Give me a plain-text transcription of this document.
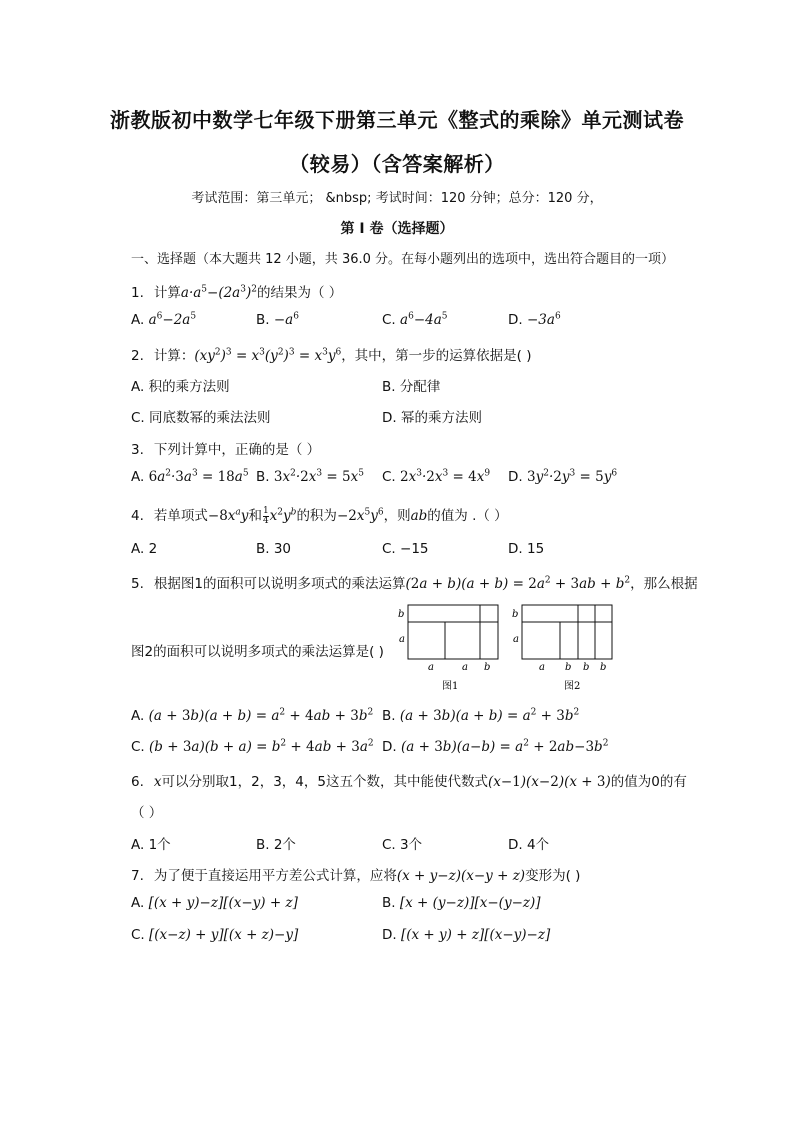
浙教版初中数学七年级下册第三单元《整式的乘除》单元测试卷
（较易）（含答案解析）
考试范围：第三单元； &nbsp; 考试时间：120 分钟；总分：120 分，
第 I 卷（选择题）
一、选择题（本大题共 12 小题，共 36.0 分。在每小题列出的选项中，选出符合题目的一项）
1. 计算$a\cdot a^5-(2a^3)^2$的结果为（ ）
A. $a^6-2a^5$	B. $-a^6$	C. $a^6-4a^5$	D. $-3a^6$
2. 计算：$(xy^2)^3 = x^3(y^2)^3 = x^3y^6$，其中，第一步的运算依据是( )
A. 积的乘方法则	B. 分配律
C. 同底数幂的乘法法则	D. 幂的乘方法则
3. 下列计算中，正确的是（ ）
A. $6a^2\cdot 3a^3 = 18a^5$ B. $3x^2\cdot 2x^3 = 5x^5$ C. $2x^3\cdot 2x^3 = 4x^9$ D. $3y^2\cdot 2y^3 = 5y^6$
4. 若单项式$-8x^ay$和 $\frac{1}{4} x^2y^b$的积为$-2x^5y^6$，则ab的值为 .（ ）
A. 2	B. 30	C. −15	D. 15
5. 根据图1的面积可以说明多项式的乘法运算$(2a + b)(a + b) = 2a^2 + 3ab + b^2$，那么根据
图2的面积可以说明多项式的乘法运算是( )
b
a
a	a b
图1
b
a
a b b b
图2
A. $(a + 3b)(a + b) = a^2 + 4ab + 3b^2$ B. $(a + 3b)(a + b) = a^2 + 3b^2$
C. $(b + 3a)(b + a) = b^2 + 4ab + 3a^2$ D. $(a + 3b)(a-b) = a^2 + 2ab-3b^2$
6. x可以分别取1，2，3，4，5这五个数，其中能使代数式(x−1)(x−2)(x + 3)的值为0的有
（ ）
A. 1个	B. 2个	C. 3个	D. 4个
7. 为了便于直接运用平方差公式计算，应将(x + y−z)(x−y + z)变形为( )
A. [(x + y)−z][(x−y) + z]	B. [x + (y−z)][x−(y−z)]
C. [(x−z) + y][(x + z)−y]	D. [(x + y) + z][(x−y)−z]
